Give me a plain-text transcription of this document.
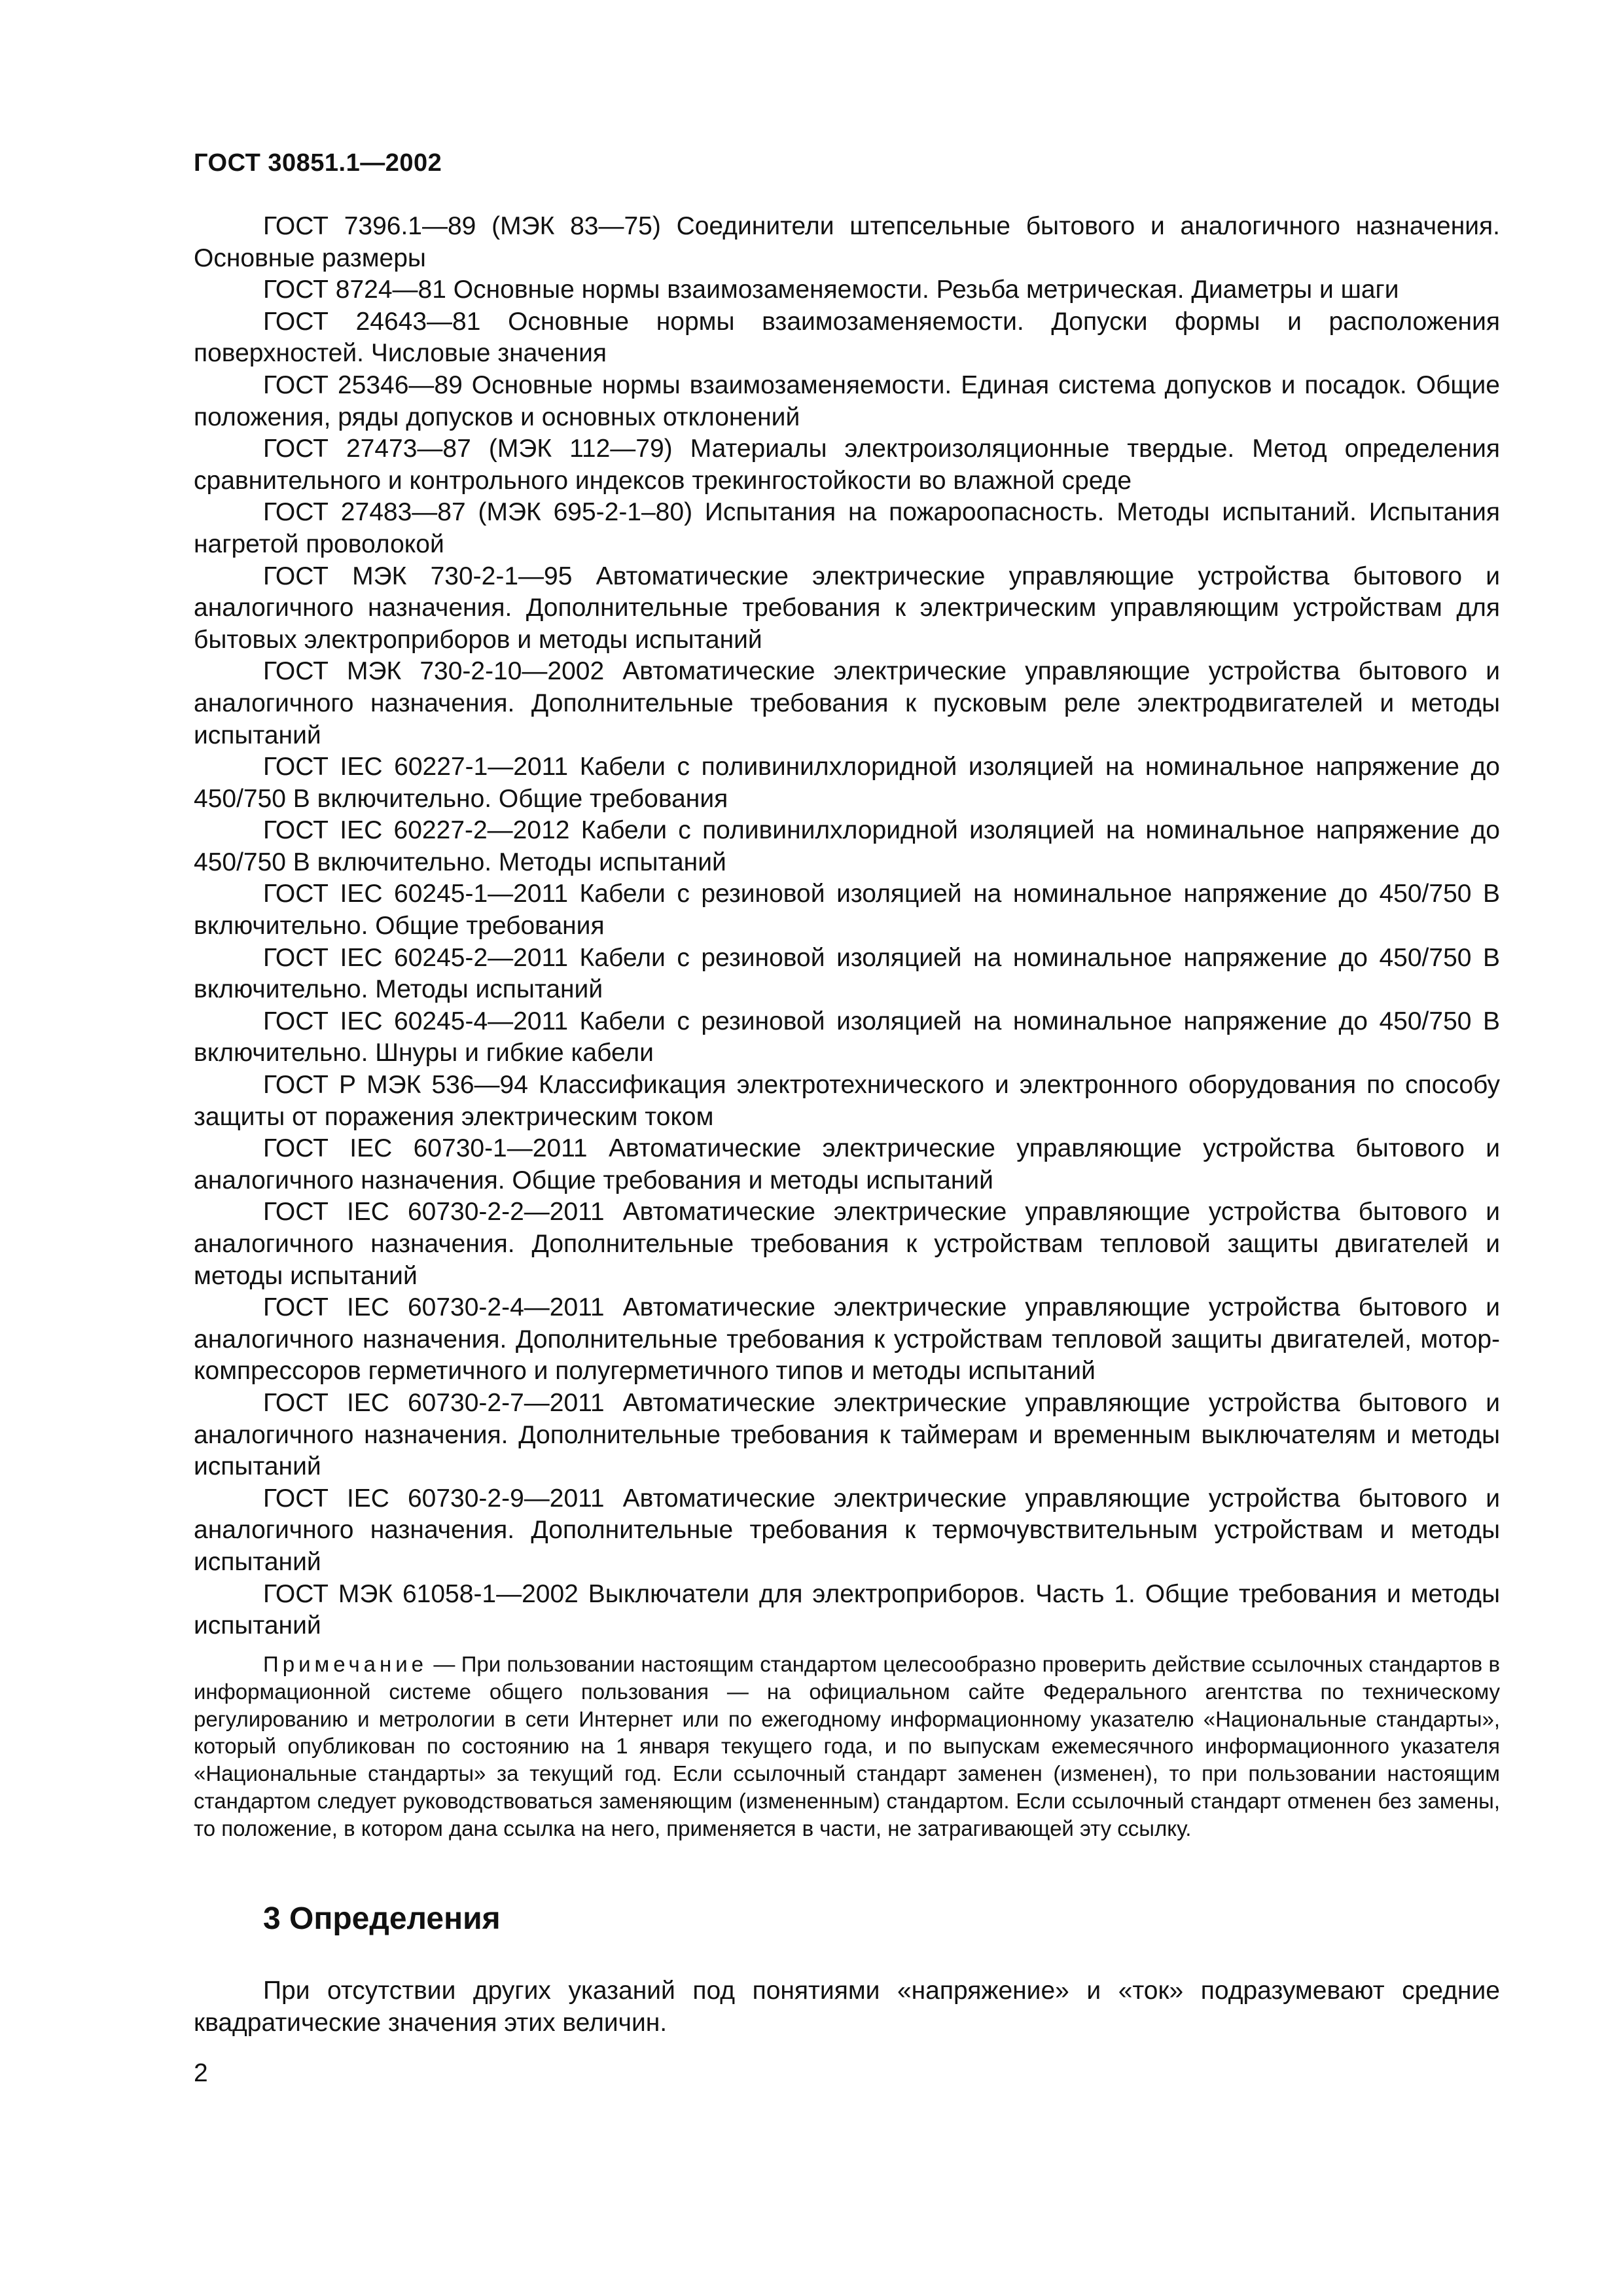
ГОСТ 30851.1—2002

ГОСТ 7396.1—89 (МЭК 83—75) Соединители штепсельные бытового и аналогичного назначения. Основные размеры

ГОСТ 8724—81 Основные нормы взаимозаменяемости. Резьба метрическая. Диаметры и шаги

ГОСТ 24643—81 Основные нормы взаимозаменяемости. Допуски формы и расположения поверхностей. Числовые значения

ГОСТ 25346—89 Основные нормы взаимозаменяемости. Единая система допусков и посадок. Общие положения, ряды допусков и основных отклонений

ГОСТ 27473—87 (МЭК 112—79) Материалы электроизоляционные твердые. Метод определения сравнительного и контрольного индексов трекингостойкости во влажной среде

ГОСТ 27483—87 (МЭК 695-2-1–80) Испытания на пожароопасность. Методы испытаний. Испытания нагретой проволокой

ГОСТ МЭК 730-2-1—95 Автоматические электрические управляющие устройства бытового и аналогичного назначения. Дополнительные требования к электрическим управляющим устройствам для бытовых электроприборов и методы испытаний

ГОСТ МЭК 730-2-10—2002 Автоматические электрические управляющие устройства бытового и аналогичного назначения. Дополнительные требования к пусковым реле электродвигателей и методы испытаний

ГОСТ IEC 60227-1—2011 Кабели с поливинилхлоридной изоляцией на номинальное напряжение до 450/750 В включительно. Общие требования

ГОСТ IEC 60227-2—2012 Кабели с поливинилхлоридной изоляцией на номинальное напряжение до 450/750 В включительно. Методы испытаний

ГОСТ IEC 60245-1—2011 Кабели с резиновой изоляцией на номинальное напряжение до 450/750 В включительно. Общие требования

ГОСТ IEC 60245-2—2011 Кабели с резиновой изоляцией на номинальное напряжение до 450/750 В включительно. Методы испытаний

ГОСТ IEC 60245-4—2011 Кабели с резиновой изоляцией на номинальное напряжение до 450/750 В включительно. Шнуры и гибкие кабели

ГОСТ Р МЭК 536—94 Классификация электротехнического и электронного оборудования по способу защиты от поражения электрическим током

ГОСТ IEC 60730-1—2011 Автоматические электрические управляющие устройства бытового и аналогичного назначения. Общие требования и методы испытаний

ГОСТ IEC 60730-2-2—2011 Автоматические электрические управляющие устройства бытового и аналогичного назначения. Дополнительные требования к устройствам тепловой защиты двигателей и методы испытаний

ГОСТ IEC 60730-2-4—2011 Автоматические электрические управляющие устройства бытового и аналогичного назначения. Дополнительные требования к устройствам тепловой защиты двигателей, мотор-компрессоров герметичного и полугерметичного типов и методы испытаний

ГОСТ IEC 60730-2-7—2011 Автоматические электрические управляющие устройства бытового и аналогичного назначения. Дополнительные требования к таймерам и временным выключателям и методы испытаний

ГОСТ IEC 60730-2-9—2011 Автоматические электрические управляющие устройства бытового и аналогичного назначения. Дополнительные требования к термочувствительным устройствам и методы испытаний

ГОСТ МЭК 61058-1—2002 Выключатели для электроприборов. Часть 1. Общие требования и методы испытаний

Примечание — При пользовании настоящим стандартом целесообразно проверить действие ссылочных стандартов в информационной системе общего пользования — на официальном сайте Федерального агентства по техническому регулированию и метрологии в сети Интернет или по ежегодному информационному указателю «Национальные стандарты», который опубликован по состоянию на 1 января текущего года, и по выпускам ежемесячного информационного указателя «Национальные стандарты» за текущий год. Если ссылочный стандарт заменен (изменен), то при пользовании настоящим стандартом следует руководствоваться заменяющим (измененным) стандартом. Если ссылочный стандарт отменен без замены, то положение, в котором дана ссылка на него, применяется в части, не затрагивающей эту ссылку.

3 Определения

При отсутствии других указаний под понятиями «напряжение» и «ток» подразумевают средние квадратические значения этих величин.

2
